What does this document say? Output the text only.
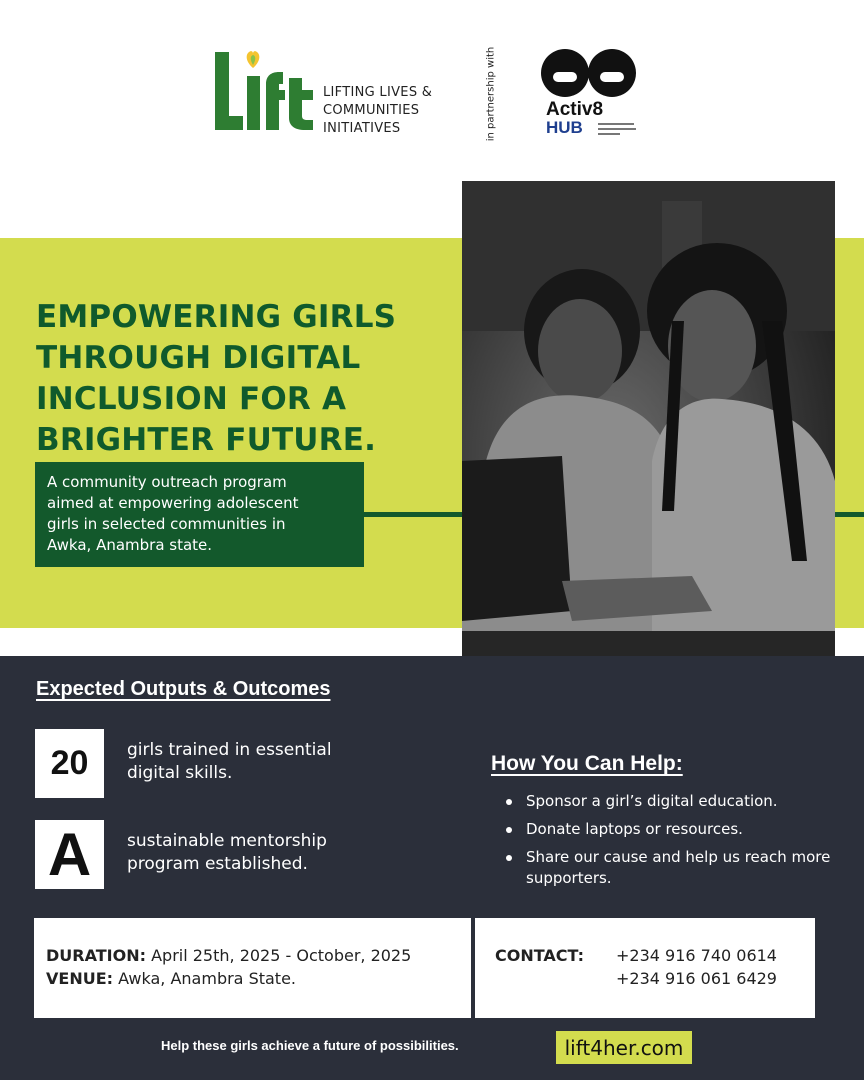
LIFTING LIVES &
COMMUNITIES
INITIATIVES	in partnership with	Activ8
HUB
EMPOWERING GIRLS
THROUGH DIGITAL
INCLUSION FOR A
BRIGHTER FUTURE.
A community outreach program
aimed at empowering adolescent
girls in selected communities in
Awka, Anambra state.
Expected Outputs & Outcomes
20	girls trained in essential
digital skills.
A	sustainable mentorship
program established.
How You Can Help:
Sponsor a girl’s digital education.
Donate laptops or resources.
Share our cause and help us reach more supporters.
DURATION: April 25th, 2025 - October, 2025
VENUE: Awka, Anambra State.
CONTACT:	+234 916 740 0614
+234 916 061 6429
Help these girls achieve a future of possibilities.	lift4her.com
